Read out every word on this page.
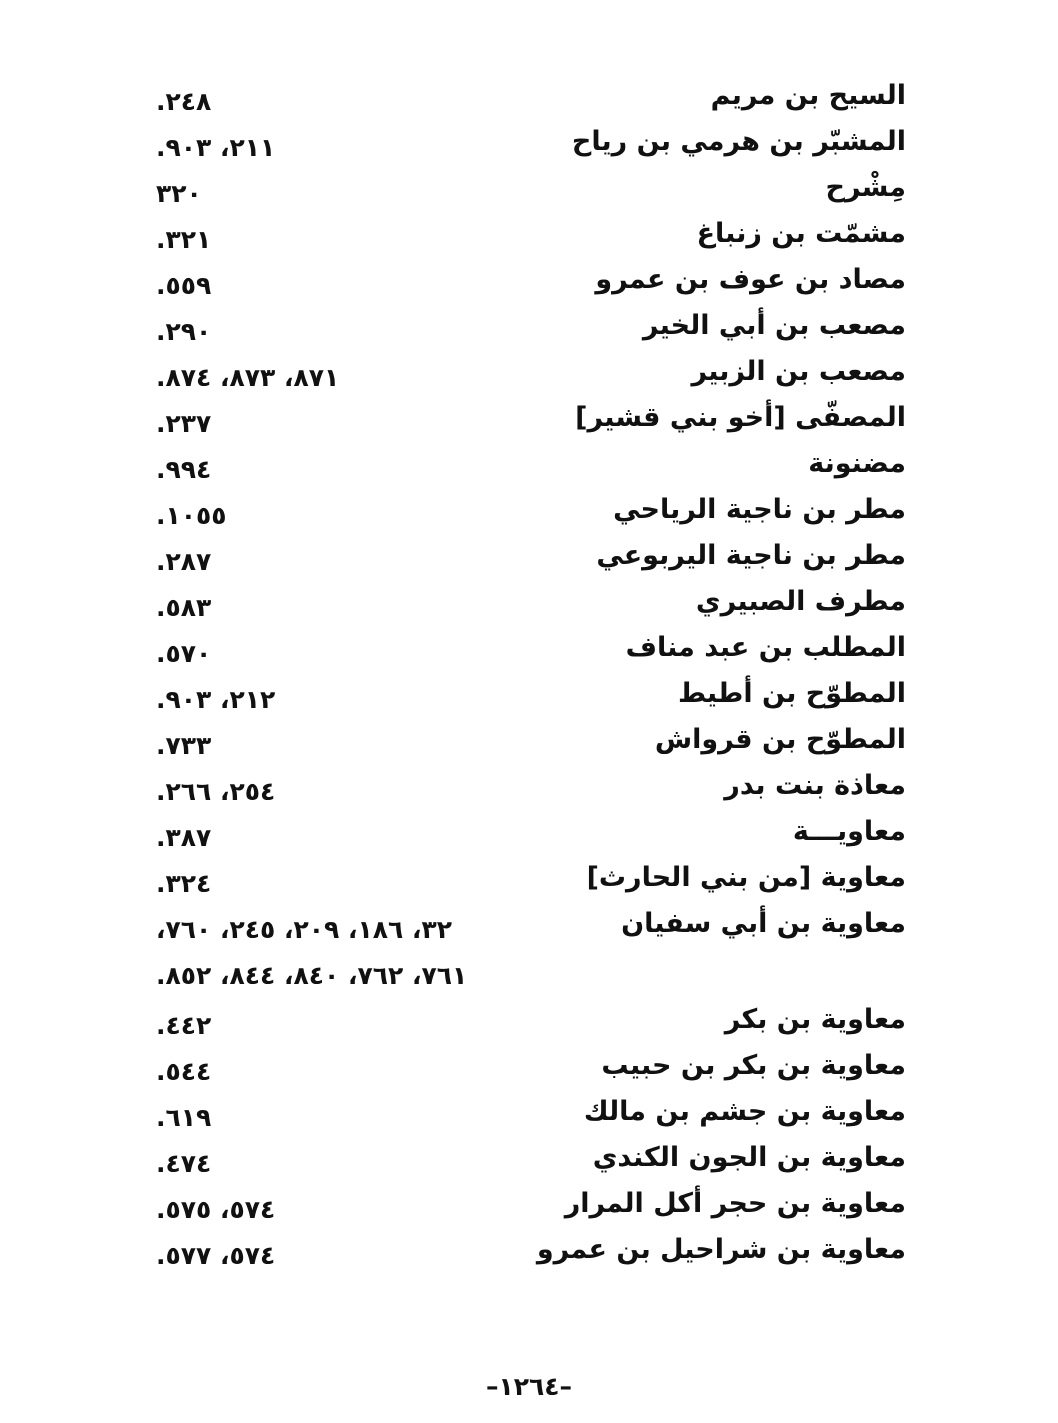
السيح بن مريم
٢٤٨.
المشبّر بن هرمي بن رياح
٢١١، ٩٠٣.
مِشْرح
٣٢٠
مشمّت بن زنباغ
٣٢١.
مصاد بن عوف بن عمرو
٥٥٩.
مصعب بن أبي الخير
٢٩٠.
مصعب بن الزبير
٨٧١، ٨٧٣، ٨٧٤.
المصفّى [أخو بني قشير]
٢٣٧.
مضنونة
٩٩٤.
مطر بن ناجية الرياحي
١٠٥٥.
مطر بن ناجية اليربوعي
٢٨٧.
مطرف الصبيري
٥٨٣.
المطلب بن عبد مناف
٥٧٠.
المطوّح بن أطيط
٢١٢، ٩٠٣.
المطوّح بن قرواش
٧٣٣.
معاذة بنت بدر
٢٥٤، ٢٦٦.
معاويـــة
٣٨٧.
معاوية [من بني الحارث]
٣٢٤.
معاوية بن أبي سفيان
٣٢، ١٨٦، ٢٠٩، ٢٤٥، ٧٦٠،
٧٦١، ٧٦٢، ٨٤٠، ٨٤٤، ٨٥٢.
معاوية بن بكر
٤٤٢.
معاوية بن بكر بن حبيب
٥٤٤.
معاوية بن جشم بن مالك
٦١٩.
معاوية بن الجون الكندي
٤٧٤.
معاوية بن حجر أكل المرار
٥٧٤، ٥٧٥.
معاوية بن شراحيل بن عمرو
٥٧٤، ٥٧٧.
–١٢٦٤–
